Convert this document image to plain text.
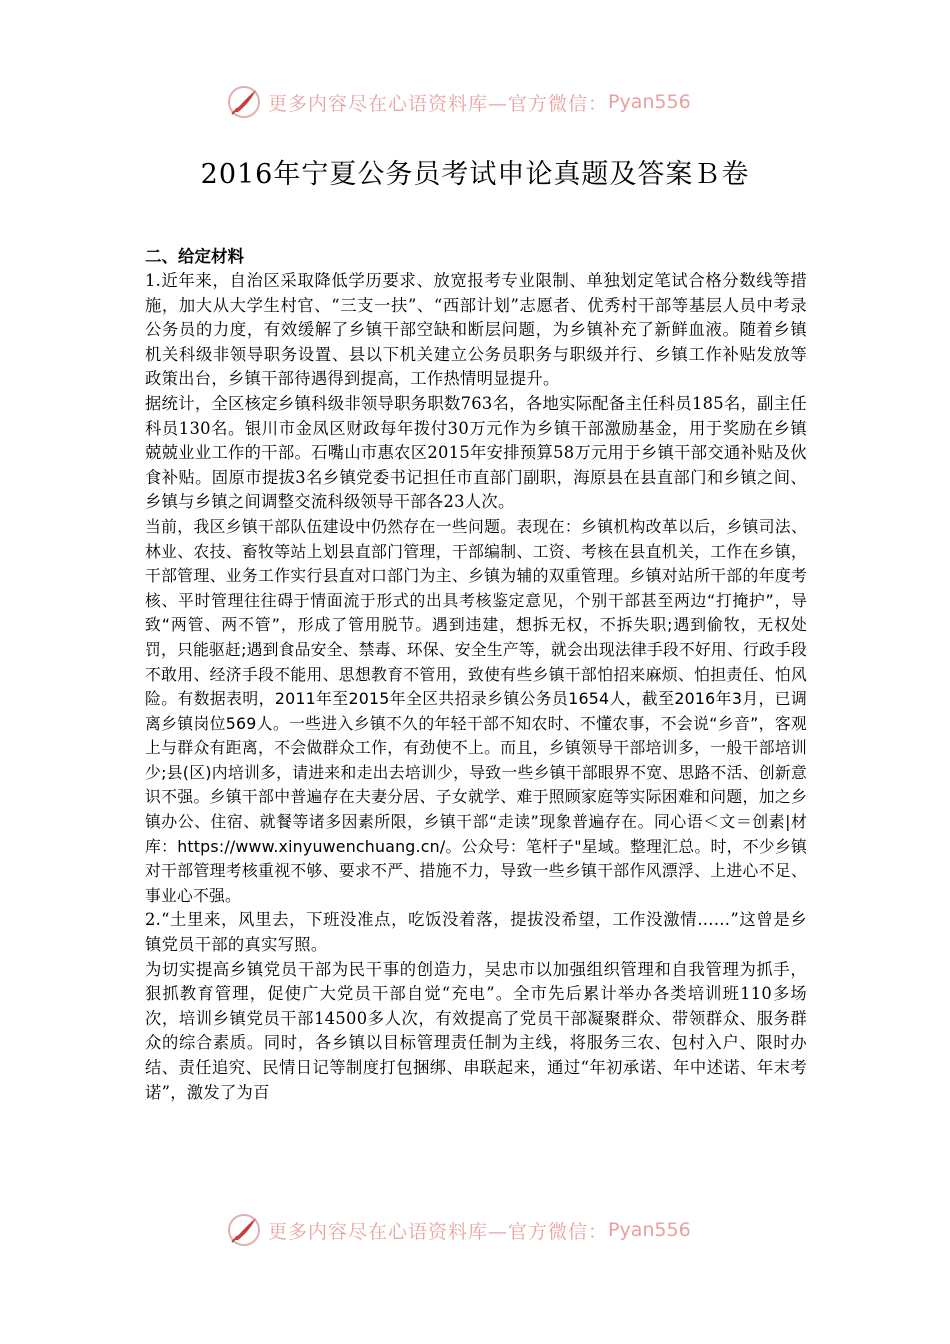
更多内容尽在心语资料库—官方微信： Pyan556
2016年宁夏公务员考试申论真题及答案Ｂ卷

二、给定材料

1.近年来，自治区采取降低学历要求、放宽报考专业限制、单独划定笔试合格分数线等措施，加大从大学生村官、“三支一扶”、“西部计划”志愿者、优秀村干部等基层人员中考录公务员的力度，有效缓解了乡镇干部空缺和断层问题，为乡镇补充了新鲜血液。随着乡镇机关科级非领导职务设置、县以下机关建立公务员职务与职级并行、乡镇工作补贴发放等政策出台，乡镇干部待遇得到提高，工作热情明显提升。

据统计，全区核定乡镇科级非领导职务职数763名，各地实际配备主任科员185名，副主任科员130名。银川市金凤区财政每年拨付30万元作为乡镇干部激励基金，用于奖励在乡镇兢兢业业工作的干部。石嘴山市惠农区2015年安排预算58万元用于乡镇干部交通补贴及伙食补贴。固原市提拔3名乡镇党委书记担任市直部门副职，海原县在县直部门和乡镇之间、乡镇与乡镇之间调整交流科级领导干部各23人次。

当前，我区乡镇干部队伍建设中仍然存在一些问题。表现在：乡镇机构改革以后，乡镇司法、林业、农技、畜牧等站上划县直部门管理，干部编制、工资、考核在县直机关，工作在乡镇，干部管理、业务工作实行县直对口部门为主、乡镇为辅的双重管理。乡镇对站所干部的年度考核、平时管理往往碍于情面流于形式的出具考核鉴定意见，个别干部甚至两边“打掩护”，导致“两管、两不管”，形成了管用脱节。遇到违建，想拆无权，不拆失职;遇到偷牧，无权处罚，只能驱赶;遇到食品安全、禁毒、环保、安全生产等，就会出现法律手段不好用、行政手段不敢用、经济手段不能用、思想教育不管用，致使有些乡镇干部怕招来麻烦、怕担责任、怕风险。有数据表明，2011年至2015年全区共招录乡镇公务员1654人，截至2016年3月，已调离乡镇岗位569人。一些进入乡镇不久的年轻干部不知农时、不懂农事，不会说“乡音”，客观上与群众有距离，不会做群众工作，有劲使不上。而且，乡镇领导干部培训多，一般干部培训少;县(区)内培训多，请进来和走出去培训少，导致一些乡镇干部眼界不宽、思路不活、创新意识不强。乡镇干部中普遍存在夫妻分居、子女就学、难于照顾家庭等实际困难和问题，加之乡镇办公、住宿、就餐等诸多因素所限，乡镇干部“走读”现象普遍存在。同心语＜文＝创素|材库：https://www.xinyuwenchuang.cn/。公众号：笔杆子"星域。整理汇总。时，不少乡镇对干部管理考核重视不够、要求不严、措施不力，导致一些乡镇干部作风漂浮、上进心不足、事业心不强。

2.“土里来，风里去，下班没准点，吃饭没着落，提拔没希望，工作没激情……”这曾是乡镇党员干部的真实写照。

为切实提高乡镇党员干部为民干事的创造力，吴忠市以加强组织管理和自我管理为抓手，狠抓教育管理，促使广大党员干部自觉“充电”。全市先后累计举办各类培训班110多场次，培训乡镇党员干部14500多人次，有效提高了党员干部凝聚群众、带领群众、服务群众的综合素质。同时，各乡镇以目标管理责任制为主线，将服务三农、包村入户、限时办结、责任追究、民情日记等制度打包捆绑、串联起来，通过“年初承诺、年中述诺、年末考诺”，激发了为百

更多内容尽在心语资料库—官方微信： Pyan556
